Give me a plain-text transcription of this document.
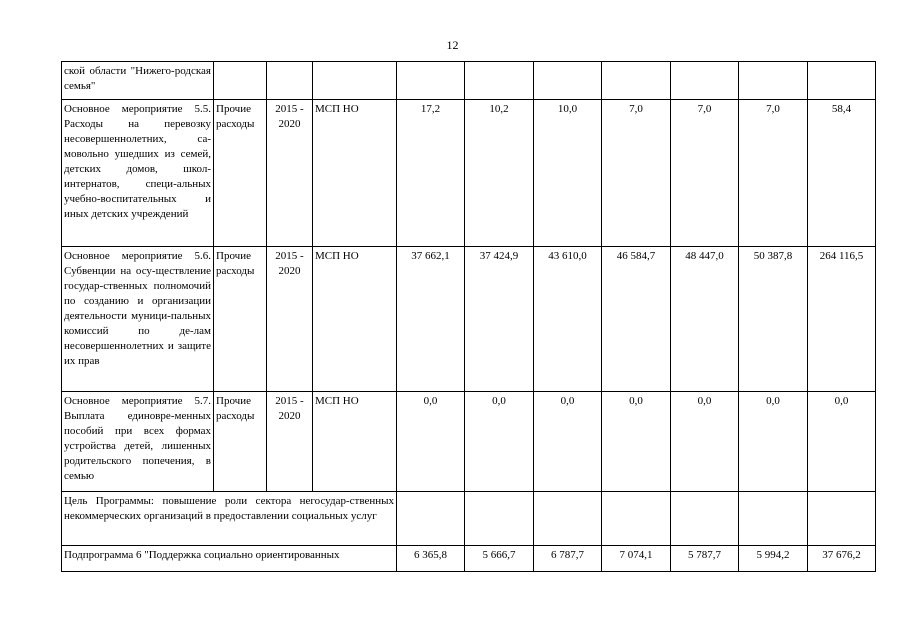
12
ской области "Нижего-родская семья"										
Основное мероприятие 5.5. Расходы на перевозку несовершеннолетних, са-мовольно ушедших из семей, детских домов, школ-интернатов, специ-альных учебно-воспитательных и иных детских учреждений	Прочие расходы	2015 - 2020	МСП НО	17,2	10,2	10,0	7,0	7,0	7,0	58,4
Основное мероприятие 5.6. Субвенции на осу-ществление государ-ственных полномочий по созданию и организации деятельности муници-пальных комиссий по де-лам несовершеннолетних и защите их прав	Прочие расходы	2015 - 2020	МСП НО	37 662,1	37 424,9	43 610,0	46 584,7	48 447,0	50 387,8	264 116,5
Основное мероприятие 5.7. Выплата единовре-менных пособий при всех формах устройства детей, лишенных родительского попечения, в семью	Прочие расходы	2015 - 2020	МСП НО	0,0	0,0	0,0	0,0	0,0	0,0	0,0
Цель Программы: повышение роли сектора негосудар-ственных некоммерческих организаций в предоставлении социальных услуг										
Подпрограмма 6 "Поддержка социально ориентированных				6 365,8	5 666,7	6 787,7	7 074,1	5 787,7	5 994,2	37 676,2
